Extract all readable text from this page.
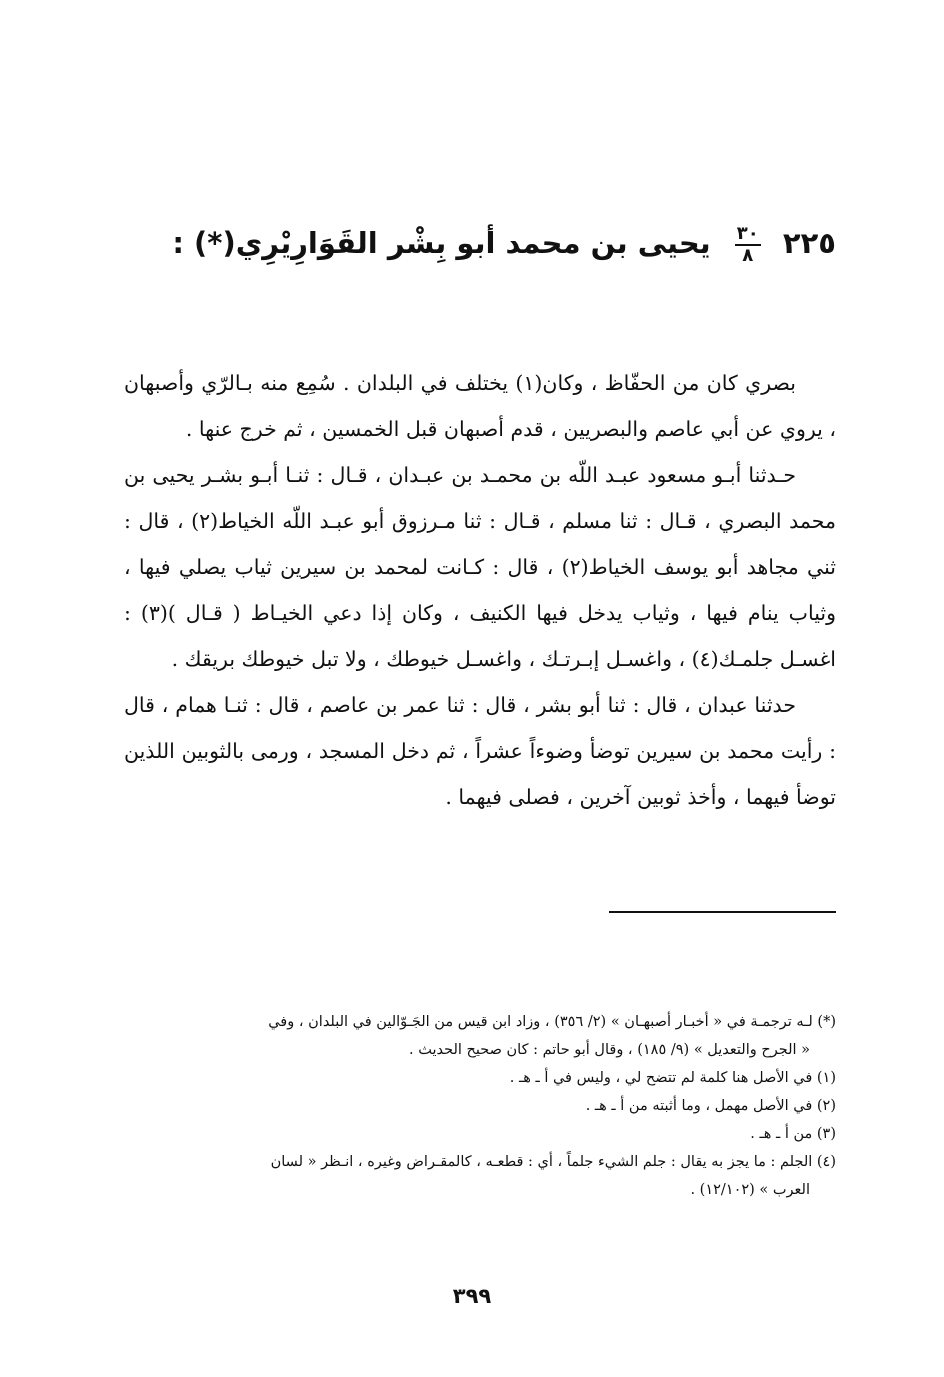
٢٢٥
$\frac{٣٠}{٨}$
يحيى بن محمد أبو بِشْر القَوَارِيْرِي(*) :

بصري كان من الحفّاظ ، وكان(١) يختلف في البلدان . سُمِع منه بـالرّي وأصبهان ، يروي عن أبي عاصم والبصريين ، قدم أصبهان قبل الخمسين ، ثم خرج عنها .

حـدثنا أبـو مسعود عبـد اللّه بن محمـد بن عبـدان ، قـال : ثنـا أبـو بشـر يحيى بن محمد البصري ، قـال : ثنا مسلم ، قـال : ثنا مـرزوق أبو عبـد اللّه الخياط(٢) ، قال : ثني مجاهد أبو يوسف الخياط(٢) ، قال : كـانت لمحمد بن سيرين ثياب يصلي فيها ، وثياب ينام فيها ، وثياب يدخل فيها الكنيف ، وكان إذا دعي الخيـاط ( قـال )(٣) : اغسـل جلمـك(٤) ، واغسـل إبـرتـك ، واغسـل خيوطك ، ولا تبل خيوطك بريقك .

حدثنا عبدان ، قال : ثنا أبو بشر ، قال : ثنا عمر بن عاصم ، قال : ثنـا همام ، قال : رأيت محمد بن سيرين توضأ وضوءاً عشراً ، ثم دخل المسجد ، ورمى بالثوبين اللذين توضأ فيهما ، وأخذ ثوبين آخرين ، فصلى فيهما .

(*) لـه ترجمـة في « أخبـار أصبهـان » (٢/ ٣٥٦) ، وزاد ابن قيس من الجَـوّالين في البلدان ، وفي

« الجرح والتعديل » (٩/ ١٨٥) ، وقال أبو حاتم : كان صحيح الحديث .

(١) في الأصل هنا كلمة لم تتضح لي ، وليس في أ ـ هـ .

(٢) في الأصل مهمل ، وما أثبته من أ ـ هـ .

(٣) من أ ـ هـ .

(٤) الجلم : ما يجز به يقال : جلم الشيء جلماً ، أي : قطعـه ، كالمقـراض وغيره ، انـظر « لسان

العرب » (١٢/١٠٢) .

٣٩٩
